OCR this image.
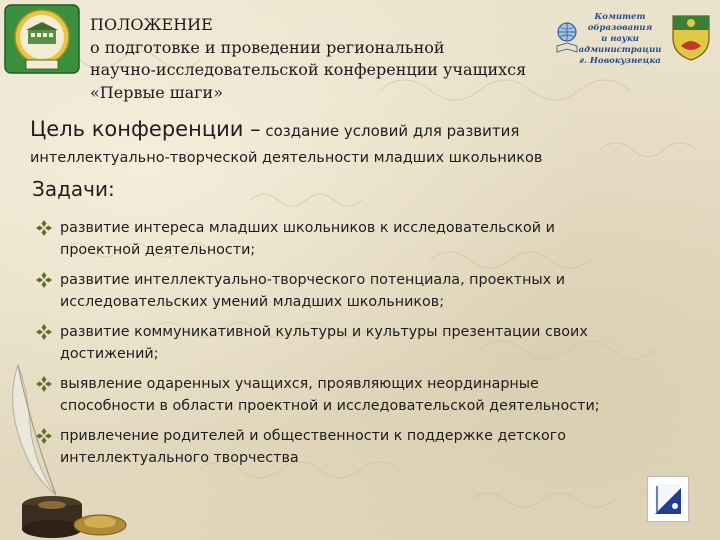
Комитет образования
и науки
администрации
г. Новокузнецка
ПОЛОЖЕНИЕ
о подготовке и проведении региональной
научно-исследовательской конференции учащихся
«Первые шаги»
Цель конференции – создание условий для развития
интеллектуально-творческой деятельности младших школьников
Задачи:
развитие интереса младших школьников к исследовательской и
проектной деятельности;
развитие интеллектуально-творческого потенциала, проектных и
исследовательских умений младших школьников;
развитие коммуникативной культуры и культуры презентации своих
достижений;
выявление одаренных учащихся, проявляющих неординарные
способности в области проектной и исследовательской деятельности;
привлечение родителей и общественности к поддержке детского
интеллектуального творчества
